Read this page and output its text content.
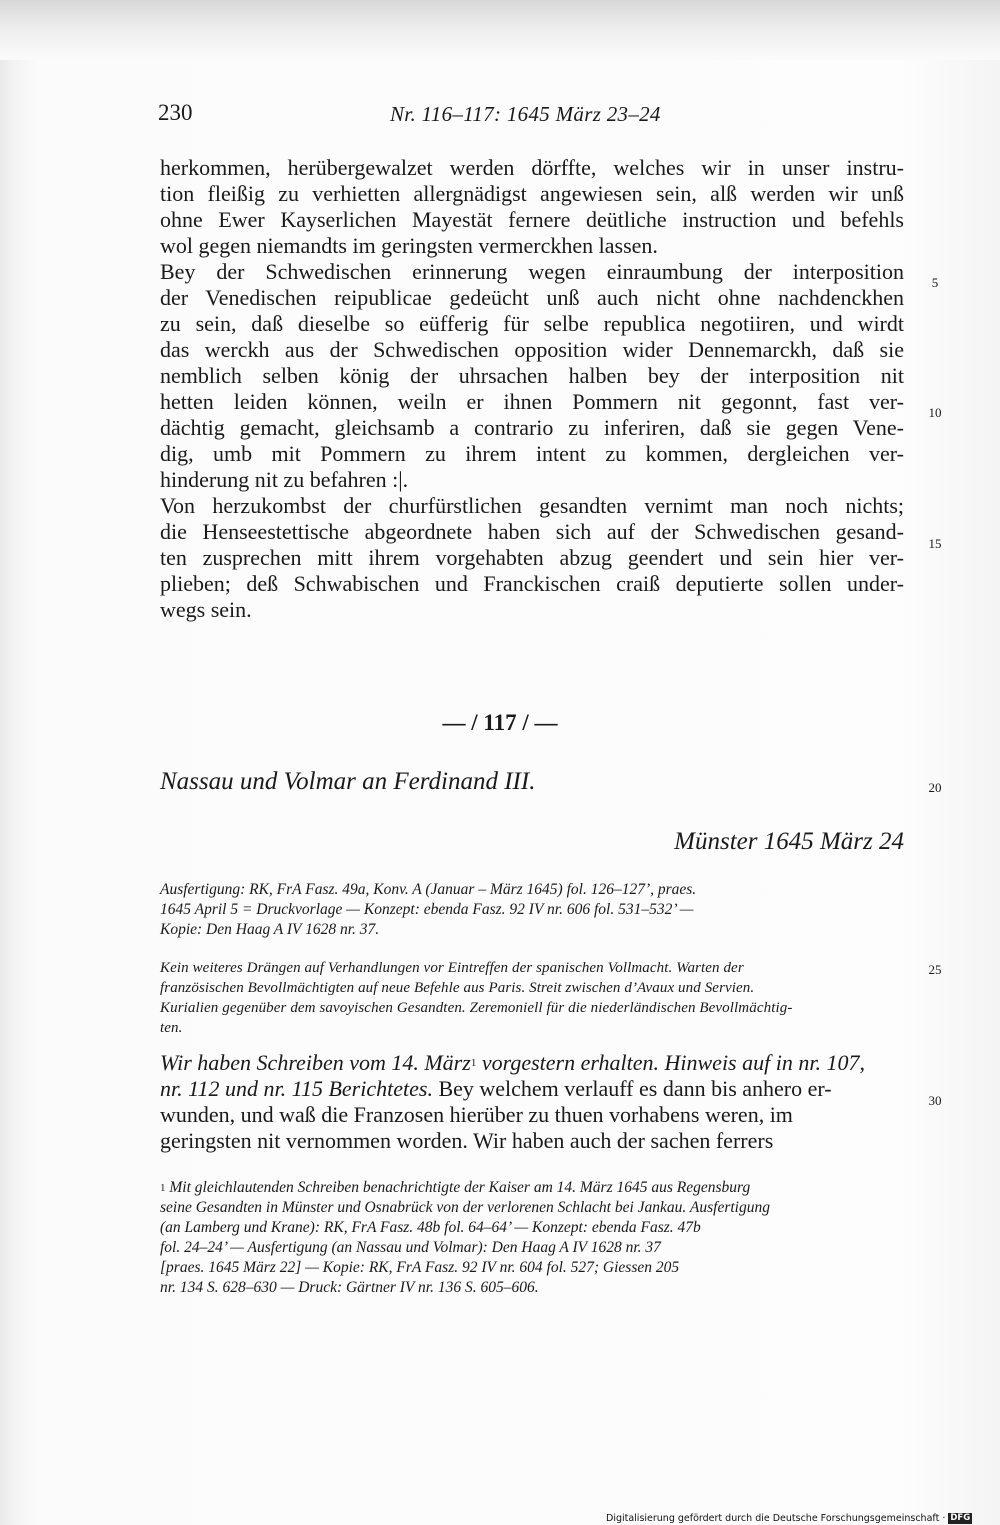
230	Nr. 116–117: 1645 März 23–24
herkommen, herübergewalzet werden dörffte, welches wir in unser instru-
tion fleißig zu verhietten allergnädigst angewiesen sein, alß werden wir unß
ohne Ewer Kayserlichen Mayestät fernere deütliche instruction und befehls
wol gegen niemandts im geringsten vermerckhen lassen.
Bey der Schwedischen erinnerung wegen einraumbung der interposition
der Venedischen reipublicae gedeücht unß auch nicht ohne nachdenckhen
zu sein, daß dieselbe so eüfferig für selbe republica negotiiren, und wirdt
das werckh aus der Schwedischen opposition wider Dennemarckh, daß sie
nemblich selben könig der uhrsachen halben bey der interposition nit
hetten leiden können, weiln er ihnen Pommern nit gegonnt, fast ver-
dächtig gemacht, gleichsamb a contrario zu inferiren, daß sie gegen Vene-
dig, umb mit Pommern zu ihrem intent zu kommen, dergleichen ver-
hinderung nit zu befahren :|.
Von herzukombst der churfürstlichen gesandten vernimt man noch nichts;
die Henseestettische abgeordnete haben sich auf der Schwedischen gesand-
ten zusprechen mitt ihrem vorgehabten abzug geendert und sein hier ver-
plieben; deß Schwabischen und Franckischen craiß deputierte sollen under-
wegs sein.
5
10
15
20
25
30
— / 117 / —
Nassau und Volmar an Ferdinand III.
Münster 1645 März 24
Ausfertigung: RK, FrA Fasz. 49a, Konv. A (Januar – März 1645) fol. 126–127’, praes.
1645 April 5 = Druckvorlage — Konzept: ebenda Fasz. 92 IV nr. 606 fol. 531–532’ —
Kopie: Den Haag A IV 1628 nr. 37.
Kein weiteres Drängen auf Verhandlungen vor Eintreffen der spanischen Vollmacht. Warten der
französischen Bevollmächtigten auf neue Befehle aus Paris. Streit zwischen d’Avaux und Servien.
Kurialien gegenüber dem savoyischen Gesandten. Zeremoniell für die niederländischen Bevollmächtig-
ten.
Wir haben Schreiben vom 14. März$^1$ vorgestern erhalten. Hinweis auf in nr. 107,
nr. 112 und nr. 115 Berichtetes. Bey welchem verlauff es dann bis anhero er-
wunden, und waß die Franzosen hierüber zu thuen vorhabens weren, im
geringsten nit vernommen worden. Wir haben auch der sachen ferrers
$^1$ Mit gleichlautenden Schreiben benachrichtigte der Kaiser am 14. März 1645 aus Regensburg
seine Gesandten in Münster und Osnabrück von der verlorenen Schlacht bei Jankau. Ausfertigung
(an Lamberg und Krane): RK, FrA Fasz. 48b fol. 64–64’ — Konzept: ebenda Fasz. 47b
fol. 24–24’ — Ausfertigung (an Nassau und Volmar): Den Haag A IV 1628 nr. 37
[praes. 1645 März 22] — Kopie: RK, FrA Fasz. 92 IV nr. 604 fol. 527; Giessen 205
nr. 134 S. 628–630 — Druck: Gärtner IV nr. 136 S. 605–606.
Digitalisierung gefördert durch die Deutsche Forschungsgemeinschaft · DFG
